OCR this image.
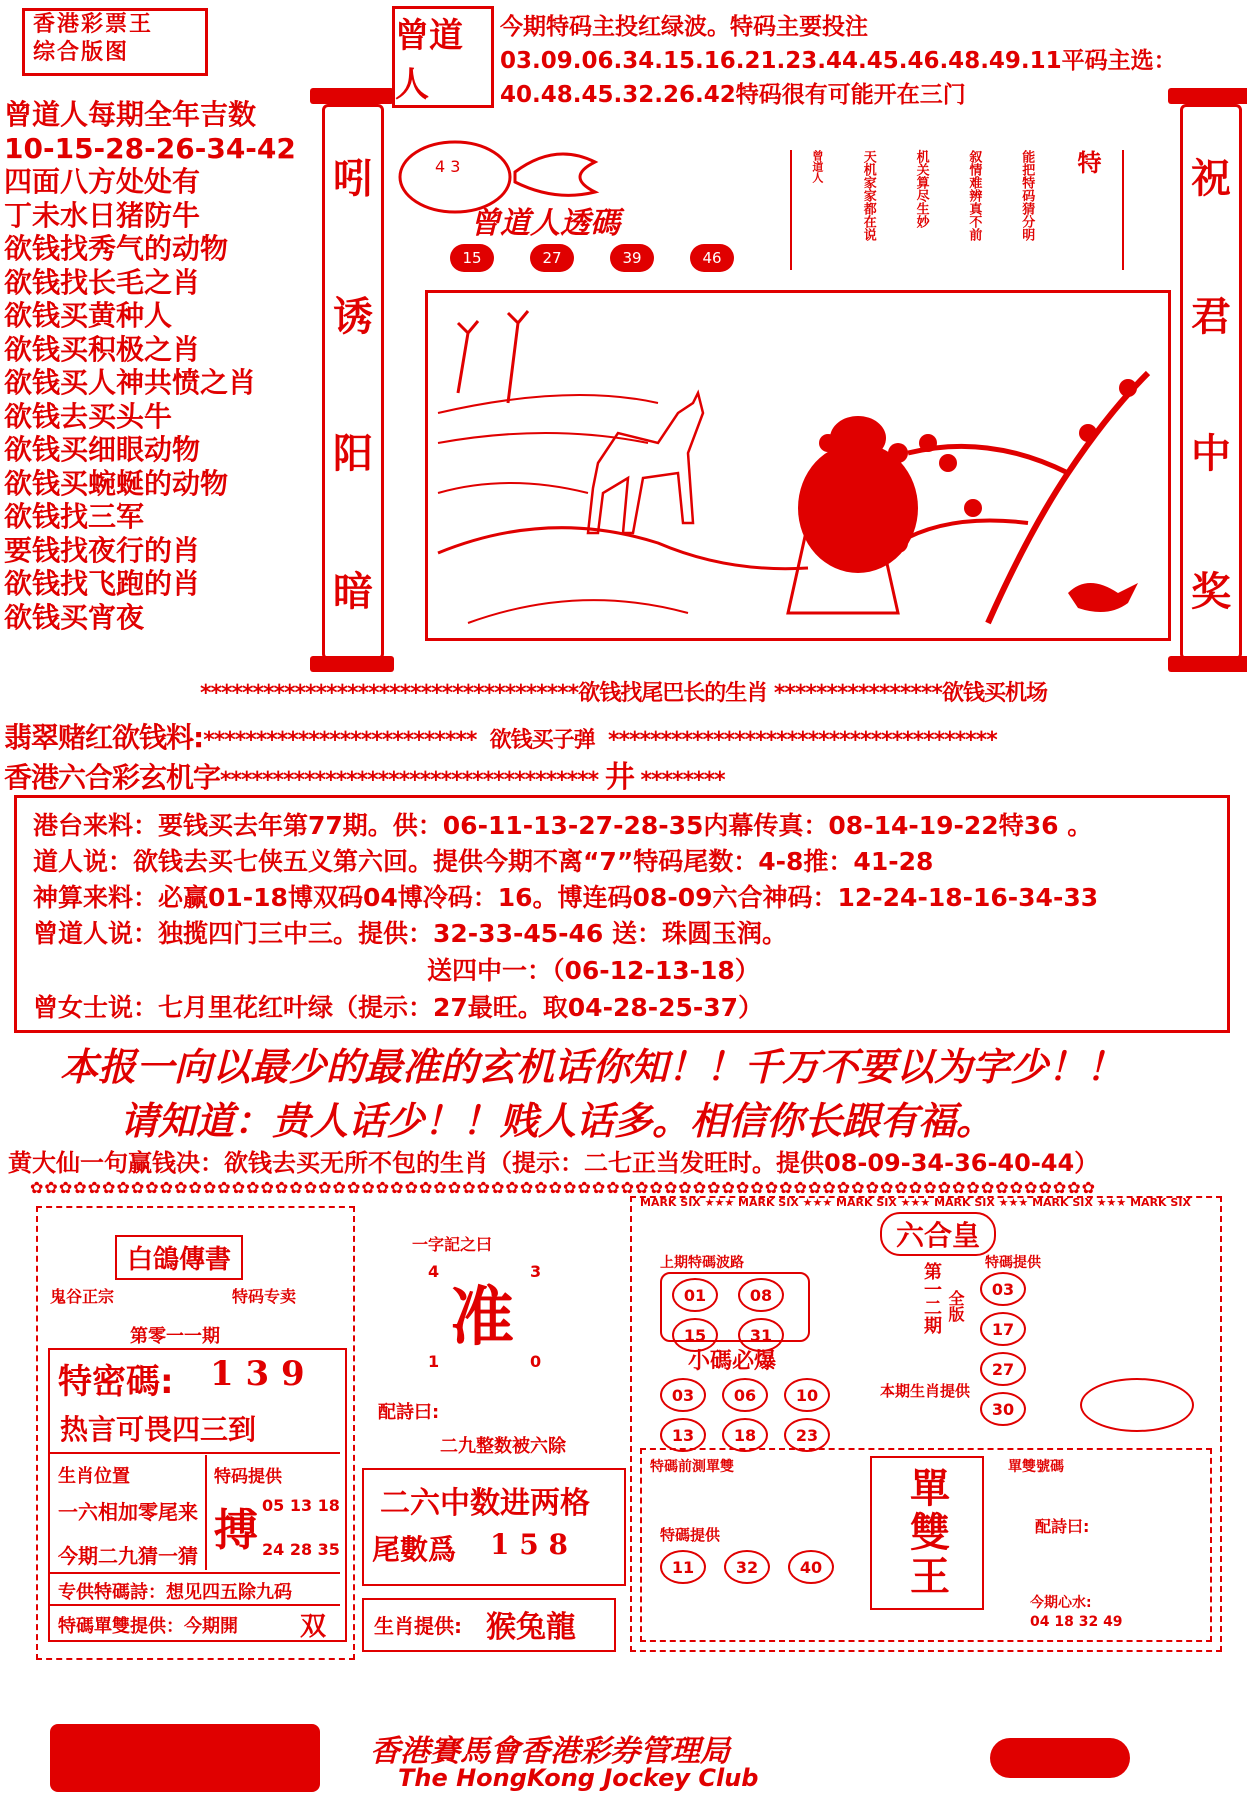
香港彩票王
综合版图	曾道人
今期特码主投红绿波。特码主要投注03.09.06.34.15.16.21.23.44.45.46.48.49.11平码主选：40.48.45.32.26.42特码很有可能开在三门
曾道人每期全年吉数
10-15-28-26-34-42
四面八方处处有
丁未水日猪防牛
欲钱找秀气的动物
欲钱找长毛之肖
欲钱买黄种人
欲钱买积极之肖
欲钱买人神共愤之肖
欲钱去买头牛
欲钱买细眼动物
欲钱买蜿蜒的动物
欲钱找三军
要钱找夜行的肖
欲钱找飞跑的肖
欲钱买宵夜
吲
诱
阳
暗
祝
君
中
奖
4 3
曾道人透碼
15	27	39	46
特
能把特码猜分明
叙情难辨真不前
机关算尽生妙
天机家家都在说
曾道人
************************************欲钱找尾巴长的生肖 ****************欲钱买机场
翡翠赌红欲钱料:************************** 欲钱买子弹 *************************************
香港六合彩玄机字************************************ 井 ********
港台来料：要钱买去年第77期。供：06-11-13-27-28-35内幕传真：08-14-19-22特36 。
道人说：欲钱去买七侠五义第六回。提供今期不离“7”特码尾数：4-8推：41-28
神算来料：必赢01-18博双码04博冷码：16。博连码08-09六合神码：12-24-18-16-34-33
曾道人说：独揽四门三中三。提供：32-33-45-46 送：珠圆玉润。
送四中一：（06-12-13-18）
曾女士说：七月里花红叶绿（提示：27最旺。取04-28-25-37）
本报一向以最少的最准的玄机话你知！！千万不要以为字少！！
请知道：贵人话少！！贱人话多。相信你长跟有福。
黄大仙一句赢钱决：欲钱去买无所不包的生肖（提示：二七正当发旺时。提供08-09-34-36-40-44）
✿✿✿✿✿✿✿✿✿✿✿✿✿✿✿✿✿✿✿✿✿✿✿✿✿✿✿✿✿✿✿✿✿✿✿✿✿✿✿✿✿✿✿✿✿✿✿✿✿✿✿✿✿✿✿✿✿✿✿✿✿✿✿✿✿✿✿✿✿✿✿✿✿✿
白鴿傳書
鬼谷正宗	特码专卖
第零一一期
特密碼: 1 3 9
热言可畏四三到
生肖位置
一六相加零尾来
今期二九猜一猜
特码提供
搏 05 13 18
24 28 35
专供特碼詩：想见四五除九码
特碼單雙提供：今期開 双
一字記之曰
4	3
准
1	0
配詩曰:
二九整数被六除
二六中数进两格
尾數爲 1 5 8
生肖提供: 猴兔龍
MARK SIX ★★★ MARK SIX ★★★ MARK SIX ★★★ MARK SIX ★★★ MARK SIX ★★★ MARK SIX
六合皇
上期特碼波路
01	08
15	31
第一二期 全版
特碼提供
03
17
27
30
小碼必爆
03	06	10
13	18	23
本期生肖提供
特碼前測單雙	單雙王
特碼提供
11	32	40
單雙號碼
配詩曰:
今期心水:
04 18 32 49
香港賽馬會香港彩券管理局
The HongKong Jockey Club
